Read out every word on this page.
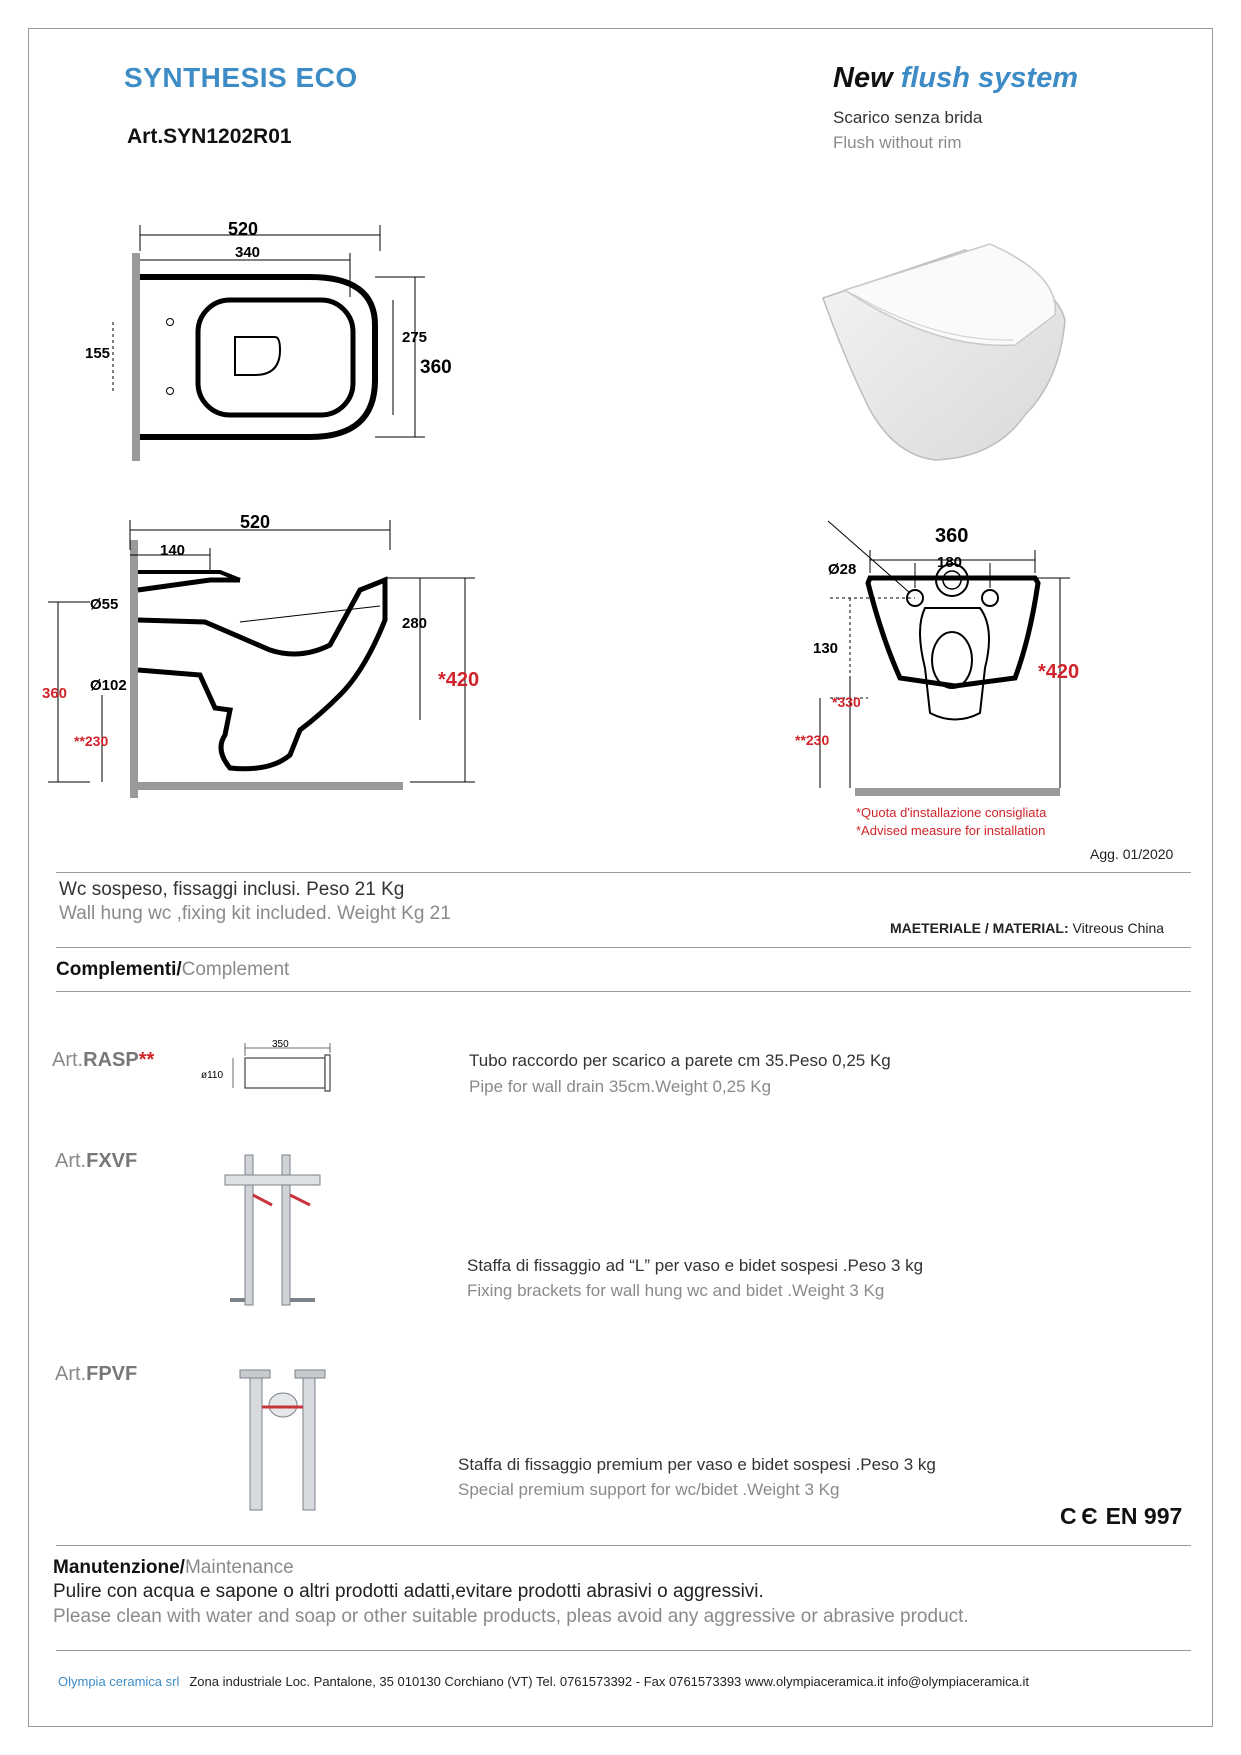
SYNTHESIS ECO
Art.SYN1202R01
New flush system
Scarico senza brida
Flush without rim
520
340
155
275
360
520
140
Ø55
Ø102
360
**230
280
*420
360
180
Ø28
130
*330
**230
*420
*Quota d'installazione consigliata
*Advised measure for installation
Agg. 01/2020
Wc sospeso, fissaggi inclusi. Peso 21 Kg
Wall hung wc ,fixing kit included. Weight Kg 21
MAETERIALE / MATERIAL: Vitreous China
Complementi/Complement
Art.RASP**
350
ø110
Tubo raccordo per scarico a parete cm 35.Peso 0,25 Kg
Pipe for wall drain 35cm.Weight 0,25 Kg
Art.FXVF
Staffa di fissaggio ad “L” per vaso e bidet sospesi .Peso 3 kg
Fixing brackets for wall hung wc and bidet .Weight 3 Kg
Art.FPVF
Staffa di fissaggio premium per vaso e bidet sospesi .Peso 3 kg
Special premium support for wc/bidet .Weight 3 Kg
C Є EN 997
Manutenzione/Maintenance
Pulire con acqua e sapone o altri prodotti adatti,evitare prodotti abrasivi o aggressivi.
Please clean with water and soap or other suitable products, pleas avoid any aggressive or abrasive product.
Olympia ceramica srl Zona industriale Loc. Pantalone, 35 010130 Corchiano (VT) Tel. 0761573392 - Fax 0761573393 www.olympiaceramica.it info@olympiaceramica.it
